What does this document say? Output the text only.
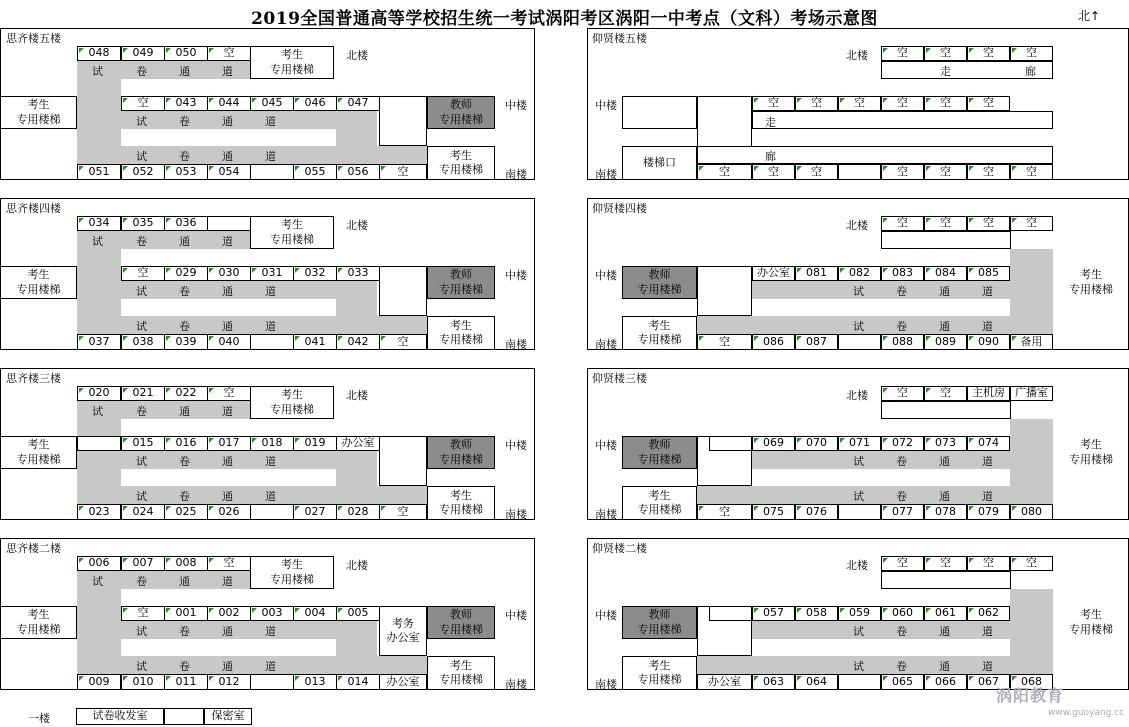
2019全国普通高等学校招生统一考试涡阳考区涡阳一中考点（文科）考场示意图	北↑
思齐楼五楼
048	049	050	空	考生
专用楼梯
北楼
试	卷	通	道
考生
专用楼梯
空	043	044	045	046	047
试	卷	通	道
教师
专用楼梯
中楼
试	卷	通	道	考生
专用楼梯
051	052	053	054	055	056	空	南楼
思齐楼四楼
034	035	036	考生
专用楼梯
北楼
试	卷	通	道
考生
专用楼梯
空	029	030	031	032	033
试	卷	通	道
教师
专用楼梯
中楼
试	卷	通	道	考生
专用楼梯
037	038	039	040	041	042	空	南楼
思齐楼三楼
020	021	022	空	考生
专用楼梯
北楼
试	卷	通	道
考生
专用楼梯
015	016	017	018	019	办公室
试	卷	通	道
教师
专用楼梯
中楼
试	卷	通	道	考生
专用楼梯
023	024	025	026	027	028	空	南楼
思齐楼二楼
006	007	008	空	考生
专用楼梯
北楼
试	卷	通	道
考生
专用楼梯
空	001	002	003	004	005
试	卷	通	道
考务
办公室
教师
专用楼梯
中楼
试	卷	通	道	考生
专用楼梯
009	010	011	012	013	014	办公室	南楼
仰贤楼五楼
北楼	空	空	空	空
中楼
南楼
走	廊
空	空	空	空	空	空
走
楼梯口	廊
空	空	空	空	空	空	空
仰贤楼四楼
北楼	空	空	空	空
中楼
南楼
考生
专用楼梯
教师
专用楼梯
办公室	081	082	083	084	085
试	卷	通	道
试	卷	通	道
考生
专用楼梯	空	086	087	088	089	090	备用
仰贤楼三楼
北楼	空	空	主机房 广播室
中楼
南楼
考生
专用楼梯
教师
专用楼梯
069	070	071	072	073	074
试	卷	通	道
试	卷	通	道
考生
专用楼梯	空	075	076	077	078	079	080
仰贤楼二楼
北楼	空	空	空	空
中楼
南楼
考生
专用楼梯
教师
专用楼梯
057	058	059	060	061	062
试	卷	通	道
试	卷	通	道
考生
专用楼梯	办公室	063	064	065	066	067	068
一楼	试卷收发室	保密室
涡阳教育
www.guoyang.cc
